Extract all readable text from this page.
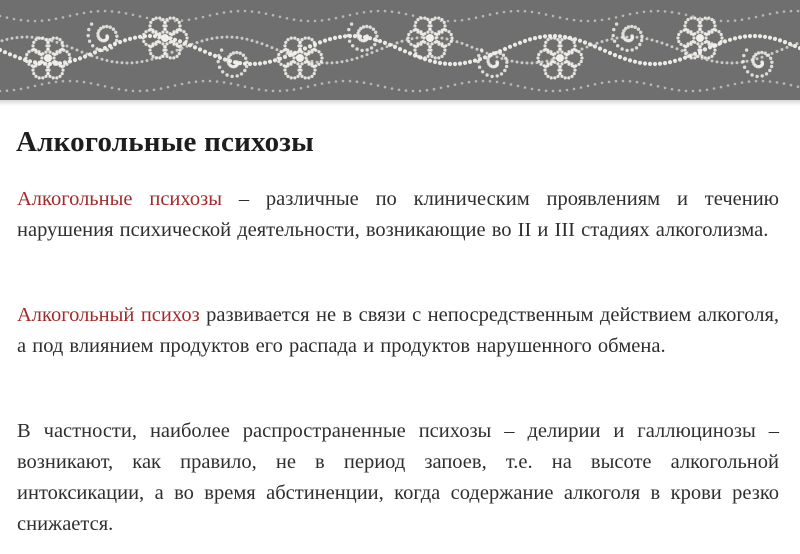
Алкогольные психозы

Алкогольные психозы – различные по клиническим проявлениям и течению нарушения психической деятельности, возникающие во II и III стадиях алкоголизма.

Алкогольный психоз развивается не в связи с непосредственным действием алкоголя, а под влиянием продуктов его распада и продуктов нарушенного обмена.

В частности, наиболее распространенные психозы – делирии и галлюцинозы – возникают, как правило, не в период запоев, т.е. на высоте алкогольной интоксикации, а во время абстиненции, когда содержание алкоголя в крови резко снижается.
